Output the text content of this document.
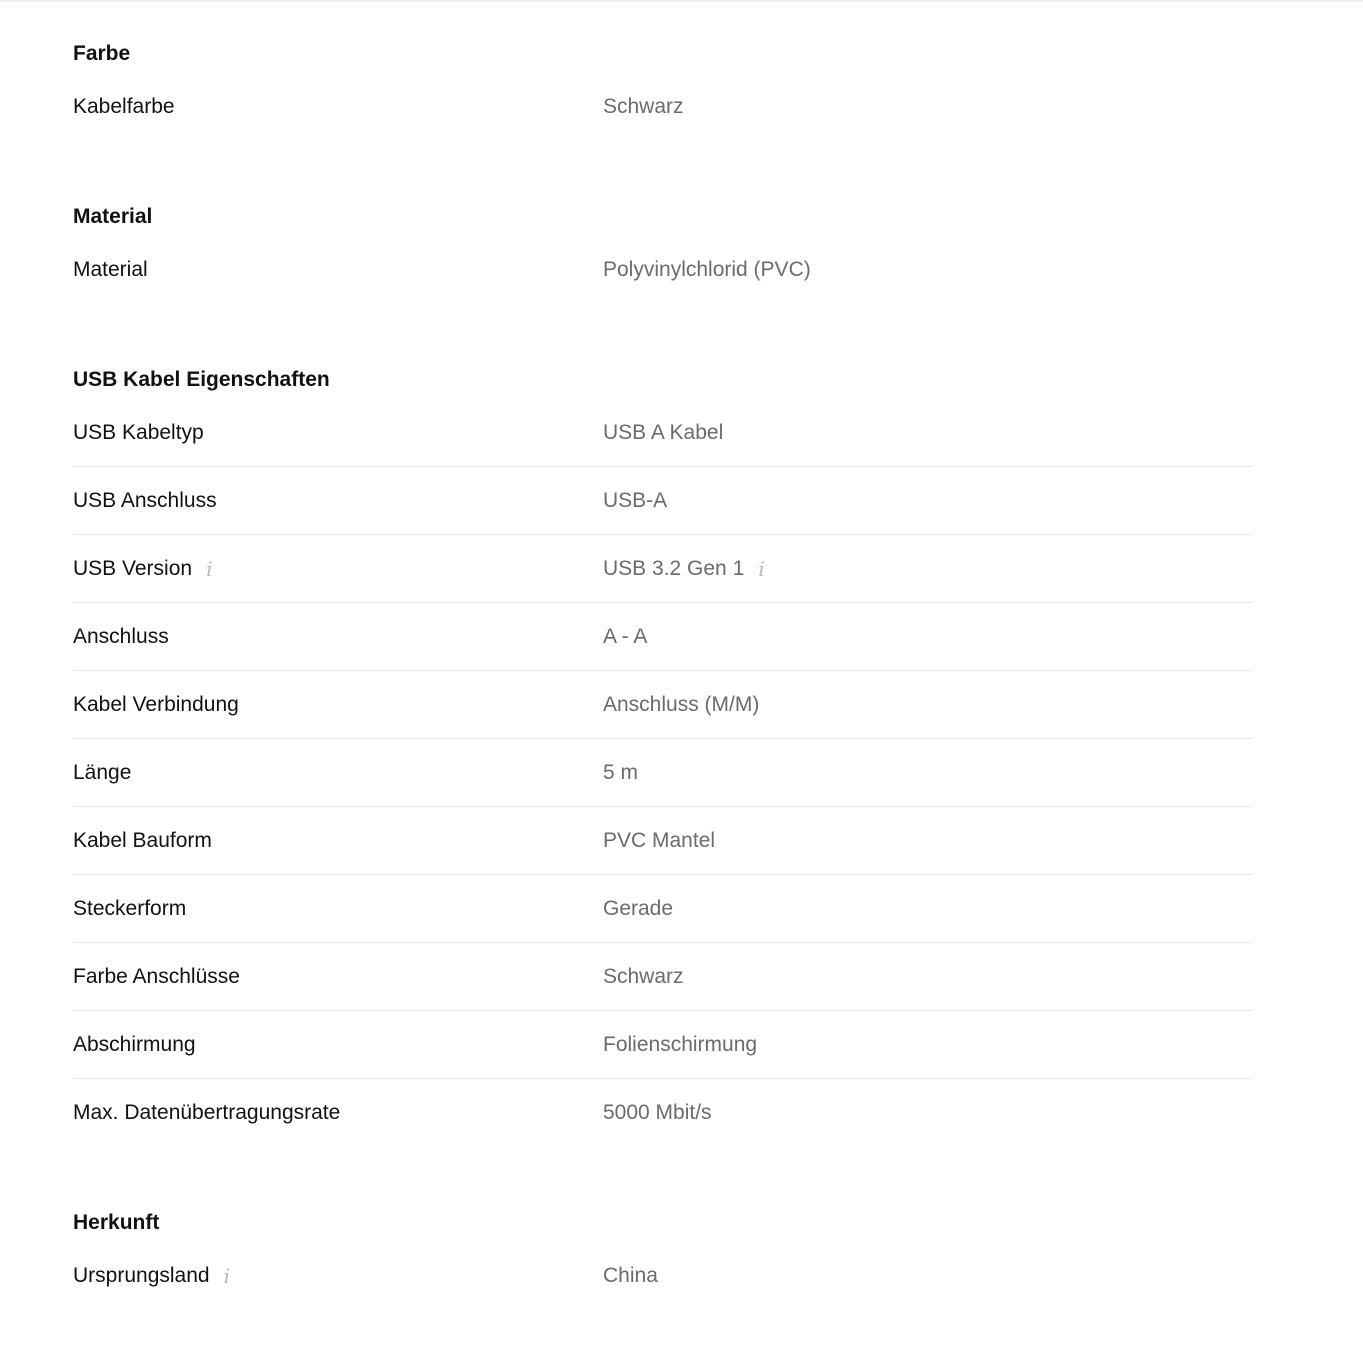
Farbe
Kabelfarbe	Schwarz
Material
Material	Polyvinylchlorid (PVC)
USB Kabel Eigenschaften
USB Kabeltyp	USB A Kabel
USB Anschluss	USB-A
USB Version i	USB 3.2 Gen 1 i
Anschluss	A - A
Kabel Verbindung	Anschluss (M/M)
Länge	5 m
Kabel Bauform	PVC Mantel
Steckerform	Gerade
Farbe Anschlüsse	Schwarz
Abschirmung	Folienschirmung
Max. Datenübertragungsrate	5000 Mbit/s
Herkunft
Ursprungsland i	China
